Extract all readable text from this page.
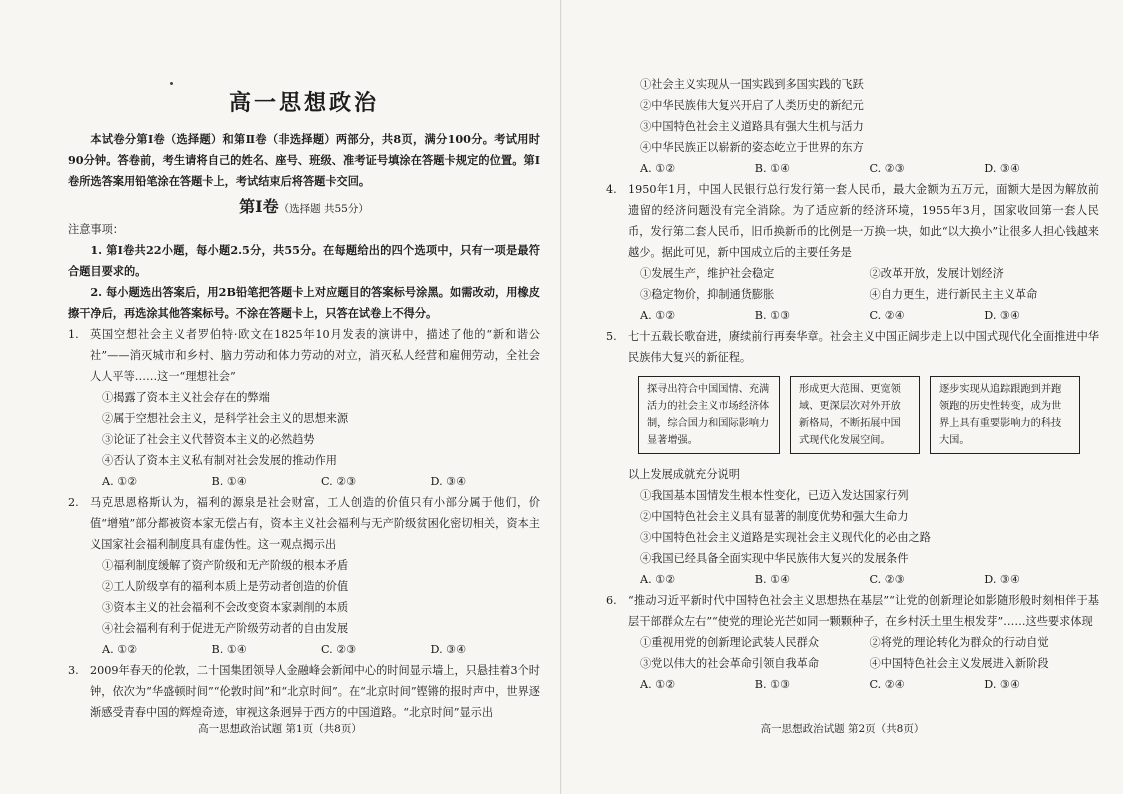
高一思想政治

本试卷分第Ⅰ卷（选择题）和第Ⅱ卷（非选择题）两部分，共8页，满分100分。考试用时90分钟。答卷前，考生请将自己的姓名、座号、班级、准考证号填涂在答题卡规定的位置。第Ⅰ卷所选答案用铅笔涂在答题卡上，考试结束后将答题卡交回。

第Ⅰ卷（选择题 共55分）

注意事项：

1. 第Ⅰ卷共22小题，每小题2.5分，共55分。在每题给出的四个选项中，只有一项是最符合题目要求的。

2. 每小题选出答案后，用2B铅笔把答题卡上对应题目的答案标号涂黑。如需改动，用橡皮擦干净后，再选涂其他答案标号。不涂在答题卡上，只答在试卷上不得分。

1.	英国空想社会主义者罗伯特·欧文在1825年10月发表的演讲中，描述了他的“新和谐公社”——消灭城市和乡村、脑力劳动和体力劳动的对立，消灭私人经营和雇佣劳动，全社会人人平等……这一“理想社会”

①揭露了资本主义社会存在的弊端

②属于空想社会主义，是科学社会主义的思想来源

③论证了社会主义代替资本主义的必然趋势

④否认了资本主义私有制对社会发展的推动作用

A. ①②	B. ①④	C. ②③	D. ③④
2.	马克思恩格斯认为，福利的源泉是社会财富，工人创造的价值只有小部分属于他们，价值“增殖”部分都被资本家无偿占有，资本主义社会福利与无产阶级贫困化密切相关，资本主义国家社会福利制度具有虚伪性。这一观点揭示出

①福利制度缓解了资产阶级和无产阶级的根本矛盾

②工人阶级享有的福利本质上是劳动者创造的价值

③资本主义的社会福利不会改变资本家剥削的本质

④社会福利有利于促进无产阶级劳动者的自由发展

A. ①②	B. ①④	C. ②③	D. ③④
3.	2009年春天的伦敦，二十国集团领导人金融峰会新闻中心的时间显示墙上，只悬挂着3个时钟，依次为“华盛顿时间”“伦敦时间”和“北京时间”。在“北京时间”铿锵的报时声中，世界逐渐感受青春中国的辉煌奇迹，审视这条迥异于西方的中国道路。“北京时间”显示出
高一思想政治试题 第1页（共8页）

①社会主义实现从一国实践到多国实践的飞跃

②中华民族伟大复兴开启了人类历史的新纪元

③中国特色社会主义道路具有强大生机与活力

④中华民族正以崭新的姿态屹立于世界的东方

A. ①②	B. ①④	C. ②③	D. ③④
4.	1950年1月，中国人民银行总行发行第一套人民币，最大金额为五万元，面额大是因为解放前遗留的经济问题没有完全消除。为了适应新的经济环境，1955年3月，国家收回第一套人民币，发行第二套人民币，旧币换新币的比例是一万换一块，如此“以大换小”让很多人担心钱越来越少。据此可见，新中国成立后的主要任务是
①发展生产，维护社会稳定	②改革开放，发展计划经济
③稳定物价，抑制通货膨胀	④自力更生，进行新民主主义革命
A. ①②	B. ①③	C. ②④	D. ③④
5.	七十五载长歌奋进，赓续前行再奏华章。社会主义中国正阔步走上以中国式现代化全面推进中华民族伟大复兴的新征程。
探寻出符合中国国情、充满活力的社会主义市场经济体制，综合国力和国际影响力显著增强。
形成更大范围、更宽领域、更深层次对外开放新格局，不断拓展中国式现代化发展空间。
逐步实现从追踪跟跑到并跑领跑的历史性转变，成为世界上具有重要影响力的科技大国。

以上发展成就充分说明

①我国基本国情发生根本性变化，已迈入发达国家行列

②中国特色社会主义具有显著的制度优势和强大生命力

③中国特色社会主义道路是实现社会主义现代化的必由之路

④我国已经具备全面实现中华民族伟大复兴的发展条件

A. ①②	B. ①④	C. ②③	D. ③④
6.	“推动习近平新时代中国特色社会主义思想热在基层”“让党的创新理论如影随形般时刻相伴于基层干部群众左右”“使党的理论光芒如同一颗颗种子，在乡村沃土里生根发芽”……这些要求体现
①重视用党的创新理论武装人民群众	②将党的理论转化为群众的行动自觉
③党以伟大的社会革命引领自我革命	④中国特色社会主义发展进入新阶段
A. ①②	B. ①③	C. ②④	D. ③④
高一思想政治试题 第2页（共8页）
